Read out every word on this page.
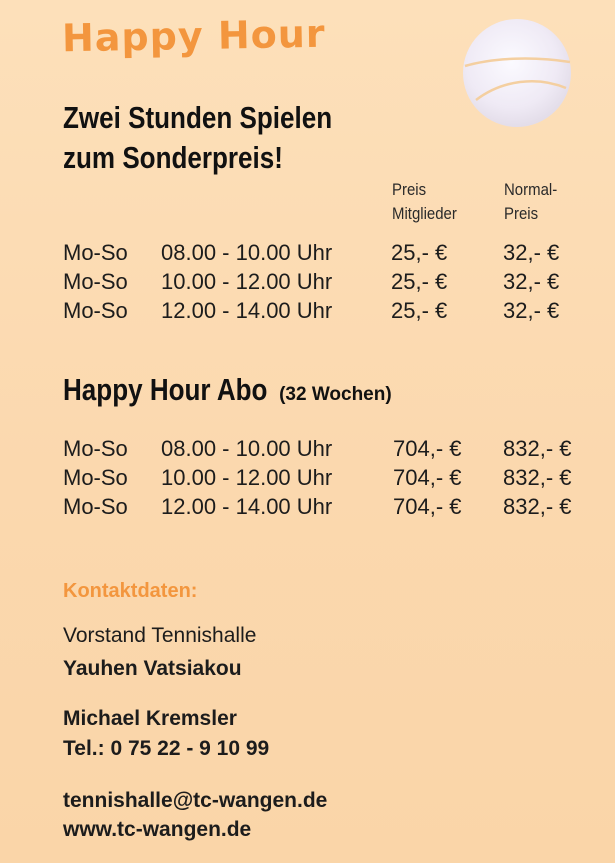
Happy Hour
Zwei Stunden Spielen
zum Sonderpreis!
Preis
Mitglieder
Normal-
Preis
Mo-So 08.00 - 10.00 Uhr	25,- €	32,- €
Mo-So 10.00 - 12.00 Uhr	25,- €	32,- €
Mo-So 12.00 - 14.00 Uhr	25,- €	32,- €
Happy Hour Abo (32 Wochen)
Mo-So 08.00 - 10.00 Uhr	704,- € 832,- €
Mo-So 10.00 - 12.00 Uhr	704,- € 832,- €
Mo-So 12.00 - 14.00 Uhr	704,- € 832,- €

Kontaktdaten:

Vorstand Tennishalle

Yauhen Vatsiakou

Michael Kremsler

Tel.: 0 75 22 - 9 10 99

tennishalle@tc-wangen.de

www.tc-wangen.de
